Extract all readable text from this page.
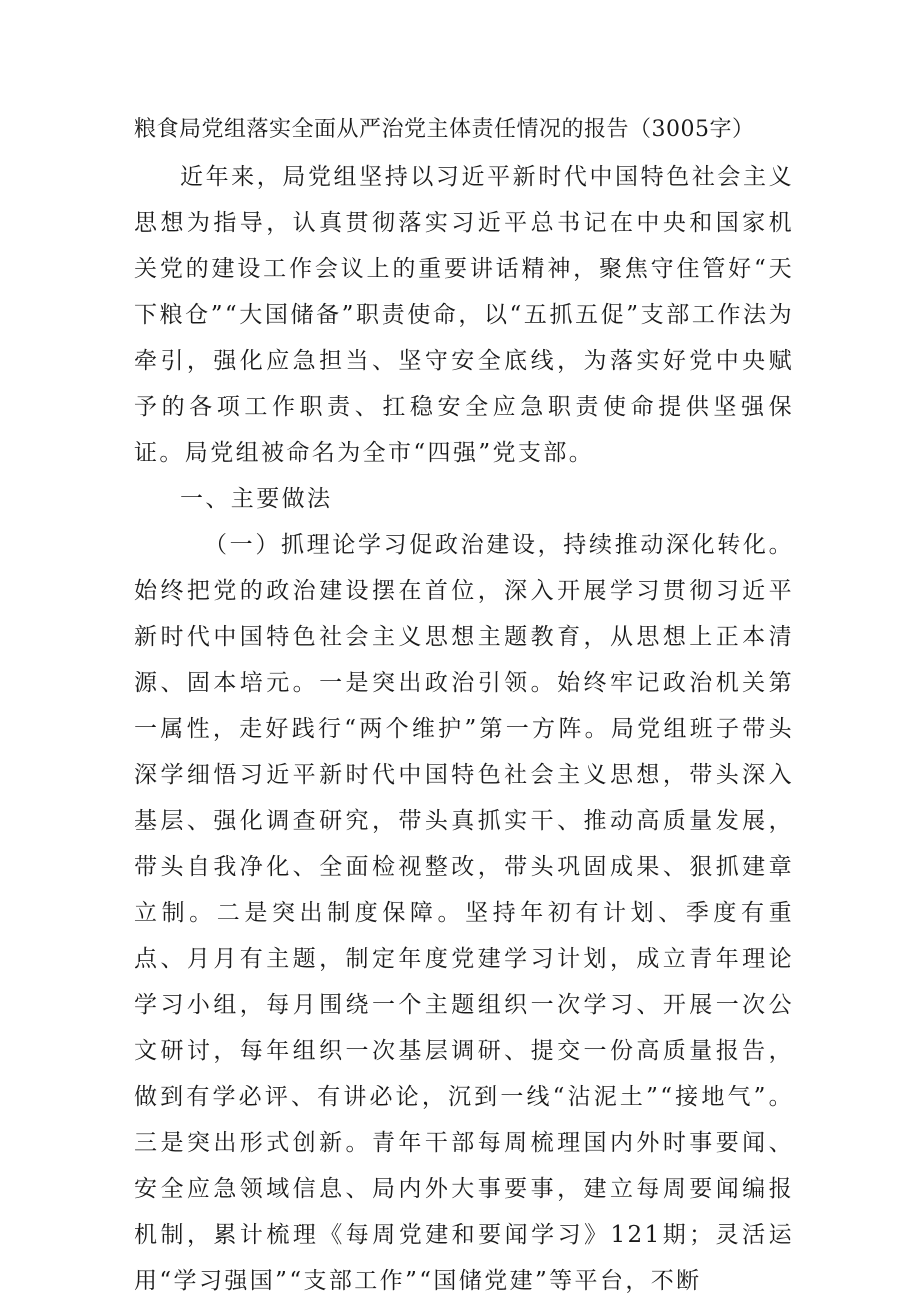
粮食局党组落实全面从严治党主体责任情况的报告（3005字）

近年来，局党组坚持以习近平新时代中国特色社会主义思想为指导，认真贯彻落实习近平总书记在中央和国家机关党的建设工作会议上的重要讲话精神，聚焦守住管好“天下粮仓”“大国储备”职责使命，以“五抓五促”支部工作法为牵引，强化应急担当、坚守安全底线，为落实好党中央赋予的各项工作职责、扛稳安全应急职责使命提供坚强保证。局党组被命名为全市“四强”党支部。

一、主要做法

（一）抓理论学习促政治建设，持续推动深化转化。始终把党的政治建设摆在首位，深入开展学习贯彻习近平新时代中国特色社会主义思想主题教育，从思想上正本清源、固本培元。一是突出政治引领。始终牢记政治机关第一属性，走好践行“两个维护”第一方阵。局党组班子带头深学细悟习近平新时代中国特色社会主义思想，带头深入基层、强化调查研究，带头真抓实干、推动高质量发展，带头自我净化、全面检视整改，带头巩固成果、狠抓建章立制。二是突出制度保障。坚持年初有计划、季度有重点、月月有主题，制定年度党建学习计划，成立青年理论学习小组，每月围绕一个主题组织一次学习、开展一次公文研讨，每年组织一次基层调研、提交一份高质量报告，做到有学必评、有讲必论，沉到一线“沾泥土”“接地气”。三是突出形式创新。青年干部每周梳理国内外时事要闻、安全应急领域信息、局内外大事要事，建立每周要闻编报机制，累计梳理《每周党建和要闻学习》121期；灵活运用“学习强国”“支部工作”“国储党建”等平台，不断
